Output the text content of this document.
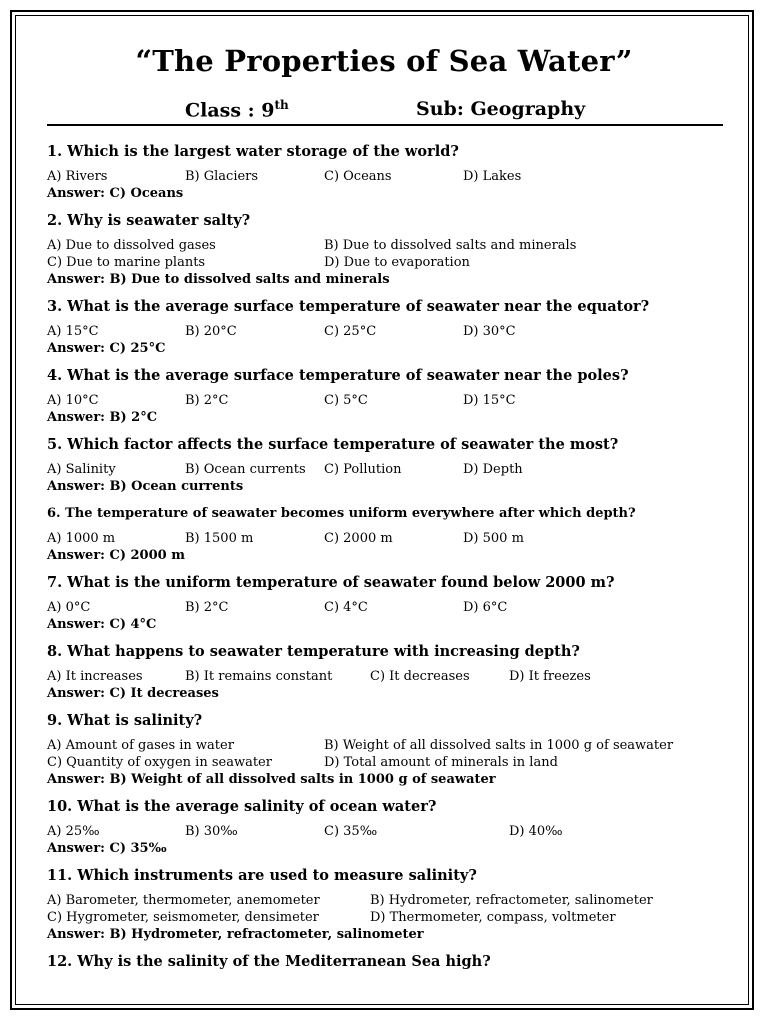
“The Properties of Sea Water”
Class : 9th	Sub: Geography
1. Which is the largest water storage of the world?
A) Rivers	B) Glaciers	C) Oceans	D) Lakes
Answer: C) Oceans
2. Why is seawater salty?
A) Due to dissolved gases	B) Due to dissolved salts and minerals
C) Due to marine plants	D) Due to evaporation
Answer: B) Due to dissolved salts and minerals
3. What is the average surface temperature of seawater near the equator?
A) 15°C	B) 20°C	C) 25°C	D) 30°C
Answer: C) 25°C
4. What is the average surface temperature of seawater near the poles?
A) 10°C	B) 2°C	C) 5°C	D) 15°C
Answer: B) 2°C
5. Which factor affects the surface temperature of seawater the most?
A) Salinity	B) Ocean currents C) Pollution	D) Depth
Answer: B) Ocean currents
6. The temperature of seawater becomes uniform everywhere after which depth?
A) 1000 m	B) 1500 m	C) 2000 m	D) 500 m
Answer: C) 2000 m
7. What is the uniform temperature of seawater found below 2000 m?
A) 0°C	B) 2°C	C) 4°C	D) 6°C
Answer: C) 4°C
8. What happens to seawater temperature with increasing depth?
A) It increases	B) It remains constant	C) It decreases	D) It freezes
Answer: C) It decreases
9. What is salinity?
A) Amount of gases in water	B) Weight of all dissolved salts in 1000 g of seawater
C) Quantity of oxygen in seawater	D) Total amount of minerals in land
Answer: B) Weight of all dissolved salts in 1000 g of seawater
10. What is the average salinity of ocean water?
A) 25‰	B) 30‰	C) 35‰	D) 40‰
Answer: C) 35‰
11. Which instruments are used to measure salinity?
A) Barometer, thermometer, anemometer	B) Hydrometer, refractometer, salinometer
C) Hygrometer, seismometer, densimeter	D) Thermometer, compass, voltmeter
Answer: B) Hydrometer, refractometer, salinometer
12. Why is the salinity of the Mediterranean Sea high?
